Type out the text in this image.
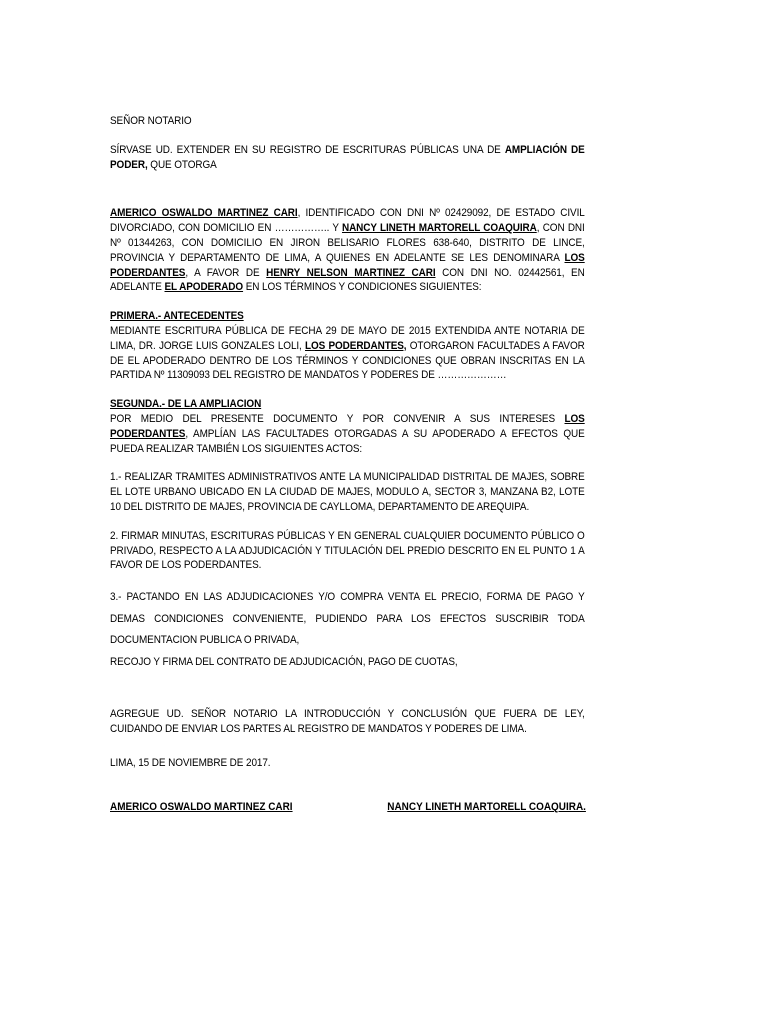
SEÑOR NOTARIO

SÍRVASE UD. EXTENDER EN SU REGISTRO DE ESCRITURAS PÚBLICAS UNA DE AMPLIACIÓN DE PODER, QUE OTORGA

AMERICO OSWALDO MARTINEZ CARI, IDENTIFICADO CON DNI Nº 02429092, DE ESTADO CIVIL DIVORCIADO, CON DOMICILIO EN …………….. Y NANCY LINETH MARTORELL COAQUIRA, CON DNI Nº 01344263, CON DOMICILIO EN JIRON BELISARIO FLORES 638-640, DISTRITO DE LINCE, PROVINCIA Y DEPARTAMENTO DE LIMA, A QUIENES EN ADELANTE SE LES DENOMINARA LOS PODERDANTES, A FAVOR DE HENRY NELSON MARTINEZ CARI CON DNI NO. 02442561, EN ADELANTE EL APODERADO EN LOS TÉRMINOS Y CONDICIONES SIGUIENTES:

PRIMERA.- ANTECEDENTES

MEDIANTE ESCRITURA PÚBLICA DE FECHA 29 DE MAYO DE 2015 EXTENDIDA ANTE NOTARIA DE LIMA, DR. JORGE LUIS GONZALES LOLI, LOS PODERDANTES, OTORGARON FACULTADES A FAVOR DE EL APODERADO DENTRO DE LOS TÉRMINOS Y CONDICIONES QUE OBRAN INSCRITAS EN LA PARTIDA Nº 11309093 DEL REGISTRO DE MANDATOS Y PODERES DE …………………

SEGUNDA.- DE LA AMPLIACION

POR MEDIO DEL PRESENTE DOCUMENTO Y POR CONVENIR A SUS INTERESES LOS PODERDANTES, AMPLÍAN LAS FACULTADES OTORGADAS A SU APODERADO A EFECTOS QUE PUEDA REALIZAR TAMBIÉN LOS SIGUIENTES ACTOS:

1.- REALIZAR TRAMITES ADMINISTRATIVOS ANTE LA MUNICIPALIDAD DISTRITAL DE MAJES, SOBRE EL LOTE URBANO UBICADO EN LA CIUDAD DE MAJES, MODULO A, SECTOR 3, MANZANA B2, LOTE 10 DEL DISTRITO DE MAJES, PROVINCIA DE CAYLLOMA, DEPARTAMENTO DE AREQUIPA.

2. FIRMAR MINUTAS, ESCRITURAS PÚBLICAS Y EN GENERAL CUALQUIER DOCUMENTO PÚBLICO O PRIVADO, RESPECTO A LA ADJUDICACIÓN Y TITULACIÓN DEL PREDIO DESCRITO EN EL PUNTO 1 A FAVOR DE LOS PODERDANTES.

3.- PACTANDO EN LAS ADJUDICACIONES Y/O COMPRA VENTA EL PRECIO, FORMA DE PAGO Y DEMAS CONDICIONES CONVENIENTE, PUDIENDO PARA LOS EFECTOS SUSCRIBIR TODA DOCUMENTACION PUBLICA O PRIVADA,

RECOJO Y FIRMA DEL CONTRATO DE ADJUDICACIÓN, PAGO DE CUOTAS,

AGREGUE UD. SEÑOR NOTARIO LA INTRODUCCIÓN Y CONCLUSIÓN QUE FUERA DE LEY, CUIDANDO DE ENVIAR LOS PARTES AL REGISTRO DE MANDATOS Y PODERES DE LIMA.

LIMA, 15 DE NOVIEMBRE DE 2017.

AMERICO OSWALDO MARTINEZ CARI	NANCY LINETH MARTORELL COAQUIRA.
